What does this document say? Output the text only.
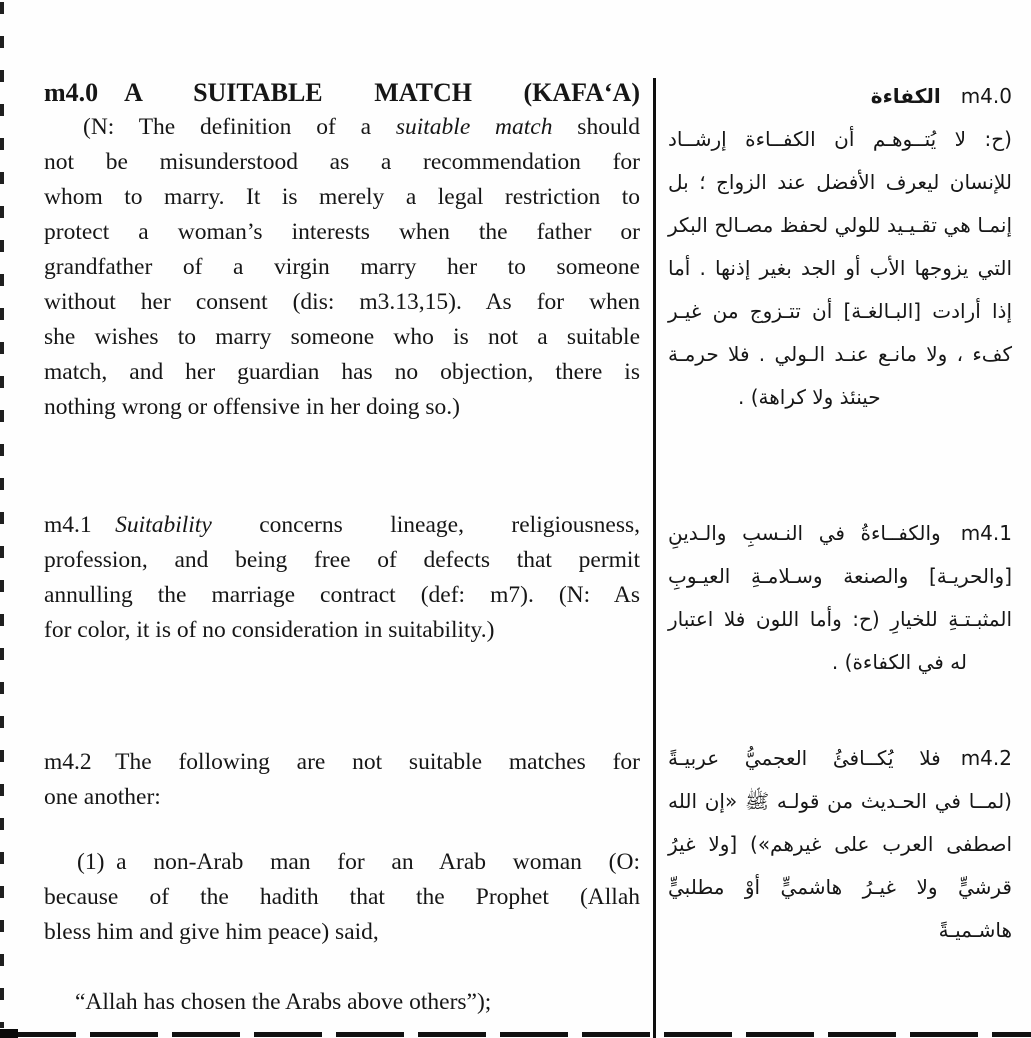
m4.0 A SUITABLE MATCH (KAFA‘A)
(N: The definition of a suitable match should
not be misunderstood as a recommendation for
whom to marry. It is merely a legal restriction to
protect a woman’s interests when the father or
grandfather of a virgin marry her to someone
without her consent (dis: m3.13,15). As for when
she wishes to marry someone who is not a suitable
match, and her guardian has no objection, there is
nothing wrong or offensive in her doing so.)
m4.1 Suitability concerns lineage, religiousness,
profession, and being free of defects that permit
annulling the marriage contract (def: m7). (N: As
for color, it is of no consideration in suitability.)
m4.2 The following are not suitable matches for
one another:
(1) a non-Arab man for an Arab woman (O:
because of the hadith that the Prophet (Allah
bless him and give him peace) said,
“Allah has chosen the Arabs above others”);
m4.0 الكفاءة
(ح: لا يُتــوهـم أن الكفــاءة إرشــاد
للإنسان ليعرف الأفضل عند الزواج ؛ بل
إنمـا هي تقـيـيد للولي لحفظ مصـالح البكر
التي يزوجها الأب أو الجد بغير إذنها . أما
إذا أرادت [البـالغـة] أن تتـزوج من غيـر
كفء ، ولا مانـع عنـد الـولي . فلا حرمـة
حينئذ ولا كراهة) .
m4.1 والكفــاءةُ في النـسبِ والـدينِ
[والحريـة] والصنعة وسـلامـةِ العيـوبِ
المثبـتـةِ للخيارِ (ح: وأما اللون فلا اعتبار
له في الكفاءة) .
m4.2 فلا يُكــافئُ العجميُّ عربيـةً
(لمــا في الحـديث من قولـه ﷺ «إن الله
اصطفى العرب على غيرهم») [ولا غيرُ
قرشيٍّ ولا غيـرُ هاشميٍّ أوْ مطلبيٍّ هاشـميـةً
